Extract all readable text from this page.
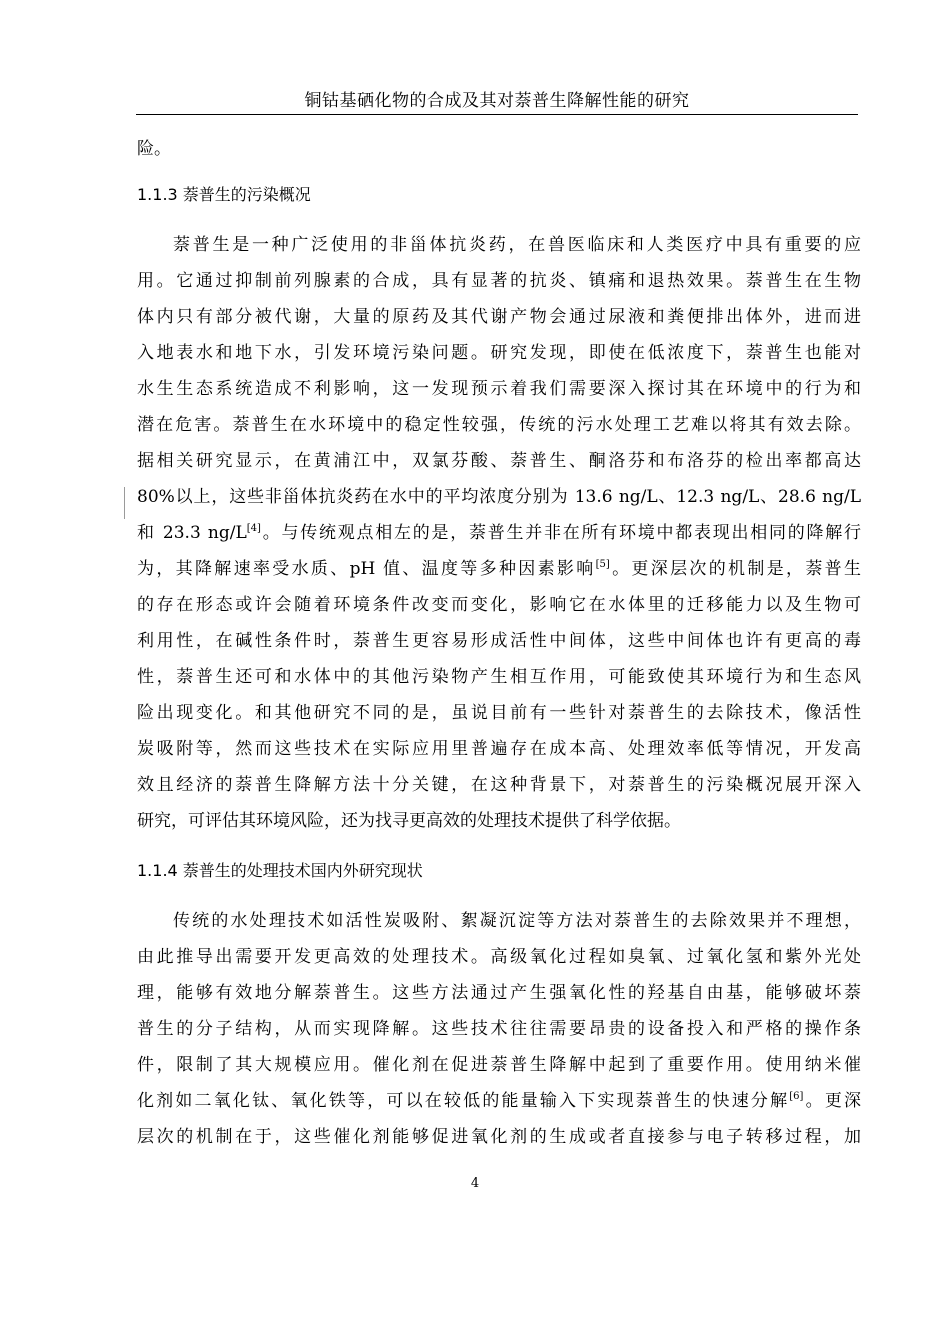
铜钴基硒化物的合成及其对萘普生降解性能的研究
险。
1.1.3 萘普生的污染概况
萘普生是一种广泛使用的非甾体抗炎药，在兽医临床和人类医疗中具有重要的应
用。它通过抑制前列腺素的合成，具有显著的抗炎、镇痛和退热效果。萘普生在生物
体内只有部分被代谢，大量的原药及其代谢产物会通过尿液和粪便排出体外，进而进
入地表水和地下水，引发环境污染问题。研究发现，即使在低浓度下，萘普生也能对
水生生态系统造成不利影响，这一发现预示着我们需要深入探讨其在环境中的行为和
潜在危害。萘普生在水环境中的稳定性较强，传统的污水处理工艺难以将其有效去除。
据相关研究显示，在黄浦江中，双氯芬酸、萘普生、酮洛芬和布洛芬的检出率都高达
80%以上，这些非甾体抗炎药在水中的平均浓度分别为 13.6 ng/L、12.3 ng/L、28.6 ng/L
和 23.3 ng/L[4]。与传统观点相左的是，萘普生并非在所有环境中都表现出相同的降解行
为，其降解速率受水质、pH 值、温度等多种因素影响[5]。更深层次的机制是，萘普生
的存在形态或许会随着环境条件改变而变化，影响它在水体里的迁移能力以及生物可
利用性，在碱性条件时，萘普生更容易形成活性中间体，这些中间体也许有更高的毒
性，萘普生还可和水体中的其他污染物产生相互作用，可能致使其环境行为和生态风
险出现变化。和其他研究不同的是，虽说目前有一些针对萘普生的去除技术，像活性
炭吸附等，然而这些技术在实际应用里普遍存在成本高、处理效率低等情况，开发高
效且经济的萘普生降解方法十分关键，在这种背景下，对萘普生的污染概况展开深入
研究，可评估其环境风险，还为找寻更高效的处理技术提供了科学依据。
1.1.4 萘普生的处理技术国内外研究现状
传统的水处理技术如活性炭吸附、絮凝沉淀等方法对萘普生的去除效果并不理想，
由此推导出需要开发更高效的处理技术。高级氧化过程如臭氧、过氧化氢和紫外光处
理，能够有效地分解萘普生。这些方法通过产生强氧化性的羟基自由基，能够破坏萘
普生的分子结构，从而实现降解。这些技术往往需要昂贵的设备投入和严格的操作条
件，限制了其大规模应用。催化剂在促进萘普生降解中起到了重要作用。使用纳米催
化剂如二氧化钛、氧化铁等，可以在较低的能量输入下实现萘普生的快速分解[6]。更深
层次的机制在于，这些催化剂能够促进氧化剂的生成或者直接参与电子转移过程，加
4
